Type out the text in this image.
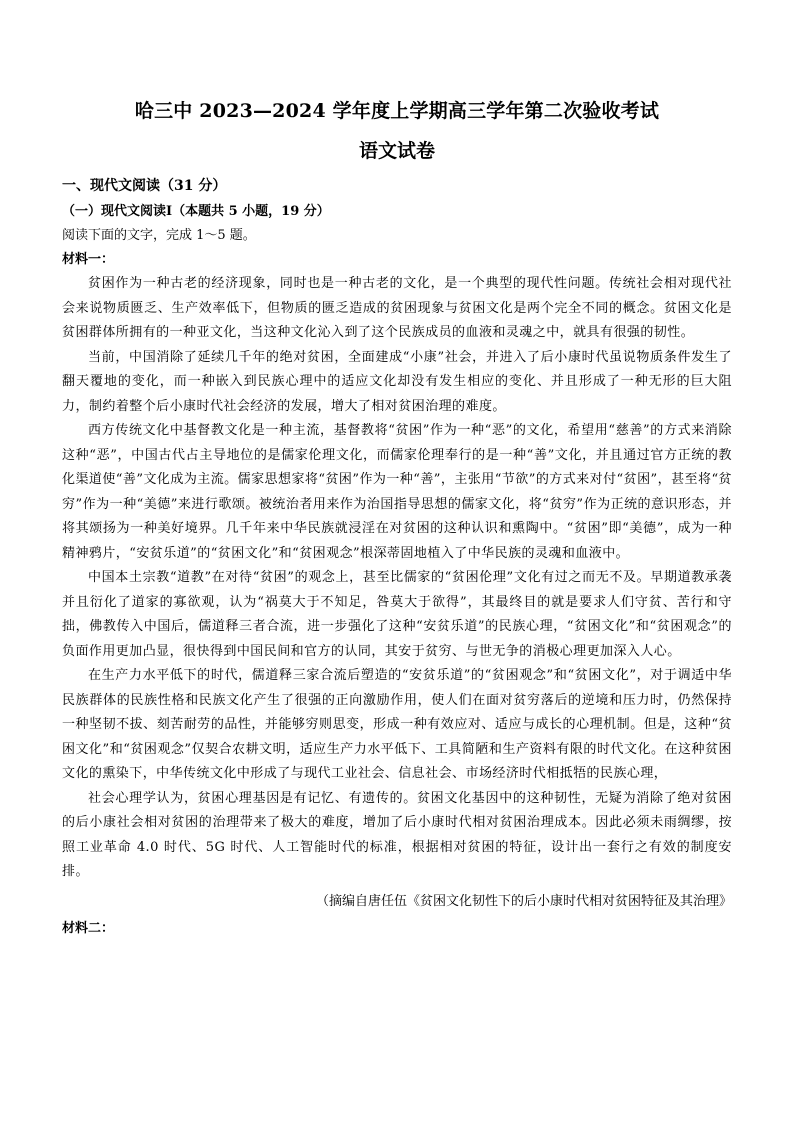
哈三中 2023—2024 学年度上学期高三学年第二次验收考试
语文试卷
一、现代文阅读（31 分）
（一）现代文阅读Ⅰ（本题共 5 小题，19 分）
阅读下面的文字，完成 1～5 题。
材料一：

贫困作为一种古老的经济现象，同时也是一种古老的文化，是一个典型的现代性问题。传统社会相对现代社会来说物质匮乏、生产效率低下，但物质的匮乏造成的贫困现象与贫困文化是两个完全不同的概念。贫困文化是贫困群体所拥有的一种亚文化，当这种文化沁入到了这个民族成员的血液和灵魂之中，就具有很强的韧性。

当前，中国消除了延续几千年的绝对贫困，全面建成“小康”社会，并进入了后小康时代虽说物质条件发生了翻天覆地的变化，而一种嵌入到民族心理中的适应文化却没有发生相应的变化、并且形成了一种无形的巨大阻力，制约着整个后小康时代社会经济的发展，增大了相对贫困治理的难度。

西方传统文化中基督教文化是一种主流，基督教将“贫困”作为一种“恶”的文化，希望用“慈善”的方式来消除这种“恶”，中国古代占主导地位的是儒家伦理文化，而儒家伦理奉行的是一种“善”文化，并且通过官方正统的教化渠道使“善”文化成为主流。儒家思想家将“贫困”作为一种“善”，主张用“节欲”的方式来对付“贫困”，甚至将“贫穷”作为一种“美德”来进行歌颂。被统治者用来作为治国指导思想的儒家文化，将“贫穷”作为正统的意识形态，并将其颂扬为一种美好境界。几千年来中华民族就浸淫在对贫困的这种认识和熏陶中。“贫困”即“美德”，成为一种精神鸦片，“安贫乐道”的“贫困文化”和“贫困观念”根深蒂固地植入了中华民族的灵魂和血液中。

中国本土宗教“道教”在对待“贫困”的观念上，甚至比儒家的“贫困伦理”文化有过之而无不及。早期道教承袭并且衍化了道家的寡欲观，认为“祸莫大于不知足，咎莫大于欲得”，其最终目的就是要求人们守贫、苦行和守拙，佛教传入中国后，儒道释三者合流，进一步强化了这种“安贫乐道”的民族心理，“贫困文化”和“贫困观念”的负面作用更加凸显，很快得到中国民间和官方的认同，其安于贫穷、与世无争的消极心理更加深入人心。

在生产力水平低下的时代，儒道释三家合流后塑造的“安贫乐道”的“贫困观念”和“贫困文化”，对于调适中华民族群体的民族性格和民族文化产生了很强的正向激励作用，使人们在面对贫穷落后的逆境和压力时，仍然保持一种坚韧不拔、刻苦耐劳的品性，并能够穷则思变，形成一种有效应对、适应与成长的心理机制。但是，这种“贫困文化”和“贫困观念”仅契合农耕文明，适应生产力水平低下、工具简陋和生产资料有限的时代文化。在这种贫困文化的熏染下，中华传统文化中形成了与现代工业社会、信息社会、市场经济时代相抵牾的民族心理，

社会心理学认为，贫困心理基因是有记忆、有遗传的。贫困文化基因中的这种韧性，无疑为消除了绝对贫困的后小康社会相对贫困的治理带来了极大的难度，增加了后小康时代相对贫困治理成本。因此必须未雨绸缪，按照工业革命 4.0 时代、5G 时代、人工智能时代的标准，根据相对贫困的特征，设计出一套行之有效的制度安排。

（摘编自唐任伍《贫困文化韧性下的后小康时代相对贫困特征及其治理》
材料二：
